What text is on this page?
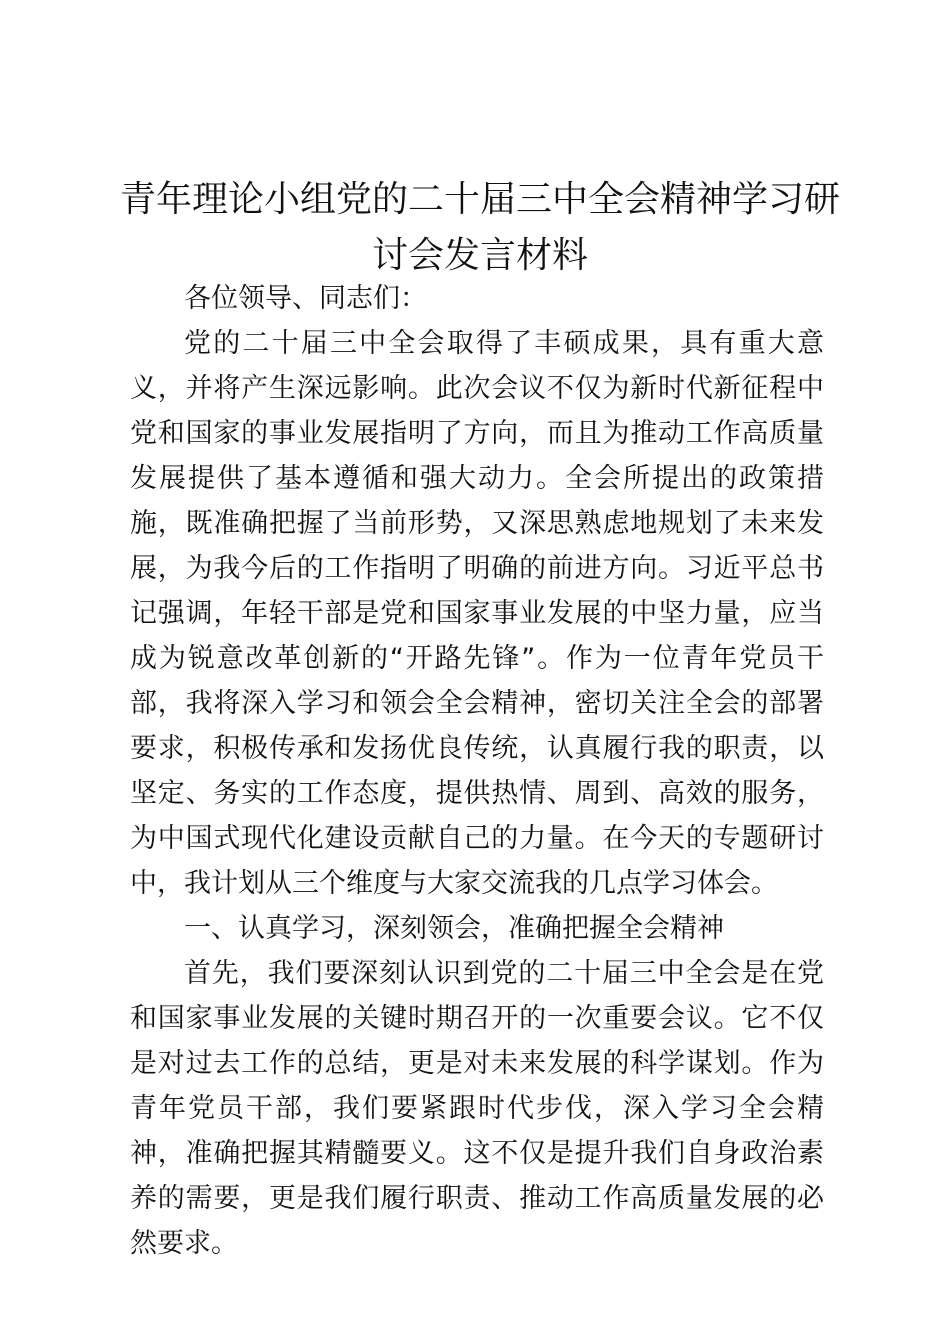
青年理论小组党的二十届三中全会精神学习研讨会发言材料

各位领导、同志们：

党的二十届三中全会取得了丰硕成果，具有重大意义，并将产生深远影响。此次会议不仅为新时代新征程中党和国家的事业发展指明了方向，而且为推动工作高质量发展提供了基本遵循和强大动力。全会所提出的政策措施，既准确把握了当前形势，又深思熟虑地规划了未来发展，为我今后的工作指明了明确的前进方向。习近平总书记强调，年轻干部是党和国家事业发展的中坚力量，应当成为锐意改革创新的“开路先锋”。作为一位青年党员干部，我将深入学习和领会全会精神，密切关注全会的部署要求，积极传承和发扬优良传统，认真履行我的职责，以坚定、务实的工作态度，提供热情、周到、高效的服务，为中国式现代化建设贡献自己的力量。在今天的专题研讨中，我计划从三个维度与大家交流我的几点学习体会。

一、认真学习，深刻领会，准确把握全会精神

首先，我们要深刻认识到党的二十届三中全会是在党和国家事业发展的关键时期召开的一次重要会议。它不仅是对过去工作的总结，更是对未来发展的科学谋划。作为青年党员干部，我们要紧跟时代步伐，深入学习全会精神，准确把握其精髓要义。这不仅是提升我们自身政治素养的需要，更是我们履行职责、推动工作高质量发展的必然要求。
